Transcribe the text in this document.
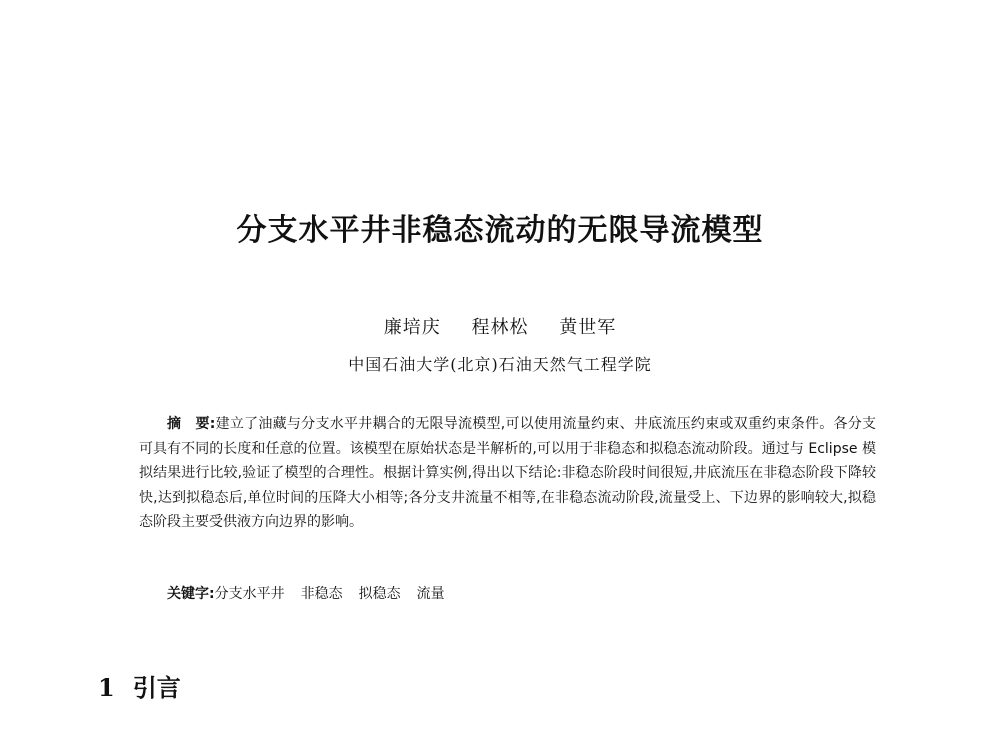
分支水平井非稳态流动的无限导流模型
廉培庆 程林松 黄世军
中国石油大学(北京)石油天然气工程学院

摘　要:建立了油藏与分支水平井耦合的无限导流模型,可以使用流量约束、井底流压约束或双重约束条件。各分支可具有不同的长度和任意的位置。该模型在原始状态是半解析的,可以用于非稳态和拟稳态流动阶段。通过与 Eclipse 模拟结果进行比较,验证了模型的合理性。根据计算实例,得出以下结论:非稳态阶段时间很短,井底流压在非稳态阶段下降较快,达到拟稳态后,单位时间的压降大小相等;各分支井流量不相等,在非稳态流动阶段,流量受上、下边界的影响较大,拟稳态阶段主要受供液方向边界的影响。

关键字:分支水平井 非稳态 拟稳态 流量
1 引言
